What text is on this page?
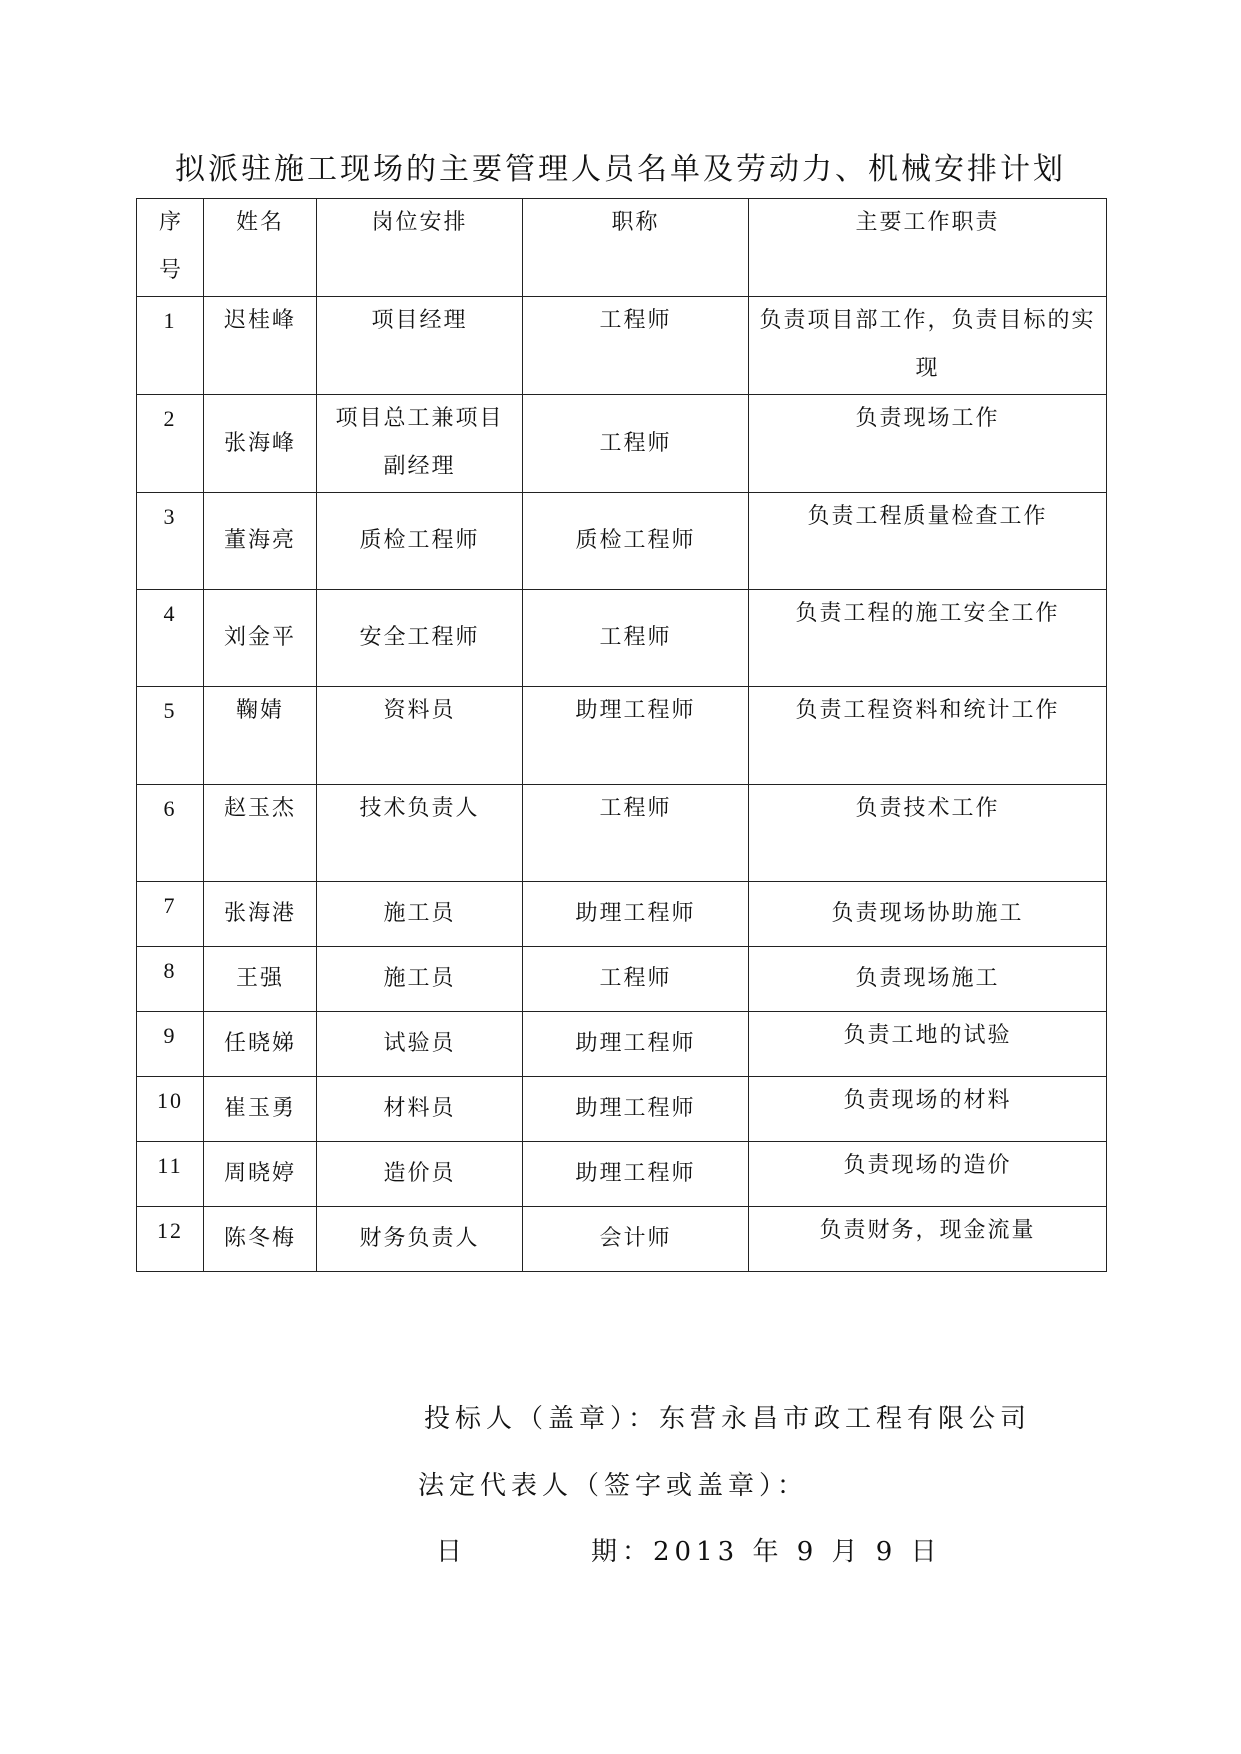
拟派驻施工现场的主要管理人员名单及劳动力、机械安排计划
序号	姓名	岗位安排	职称	主要工作职责
1	迟桂峰	项目经理	工程师	负责项目部工作，负责目标的实现

2	张海峰	项目总工兼项目副经理	工程师	负责现场工作
3	董海亮	质检工程师	质检工程师	负责工程质量检查工作
4	刘金平	安全工程师	工程师	负责工程的施工安全工作
5	鞠婧	资料员	助理工程师	负责工程资料和统计工作
6	赵玉杰	技术负责人	工程师	负责技术工作
7	张海港	施工员	助理工程师	负责现场协助施工
8	王强	施工员	工程师	负责现场施工
9	任晓娣	试验员	助理工程师	负责工地的试验
10	崔玉勇	材料员	助理工程师	负责现场的材料
11	周晓婷	造价员	助理工程师	负责现场的造价
12	陈冬梅	财务负责人	会计师	负责财务，现金流量
投标人（盖章）：东营永昌市政工程有限公司
法定代表人（签字或盖章）：
日　　　　期：2013 年 9 月 9 日
